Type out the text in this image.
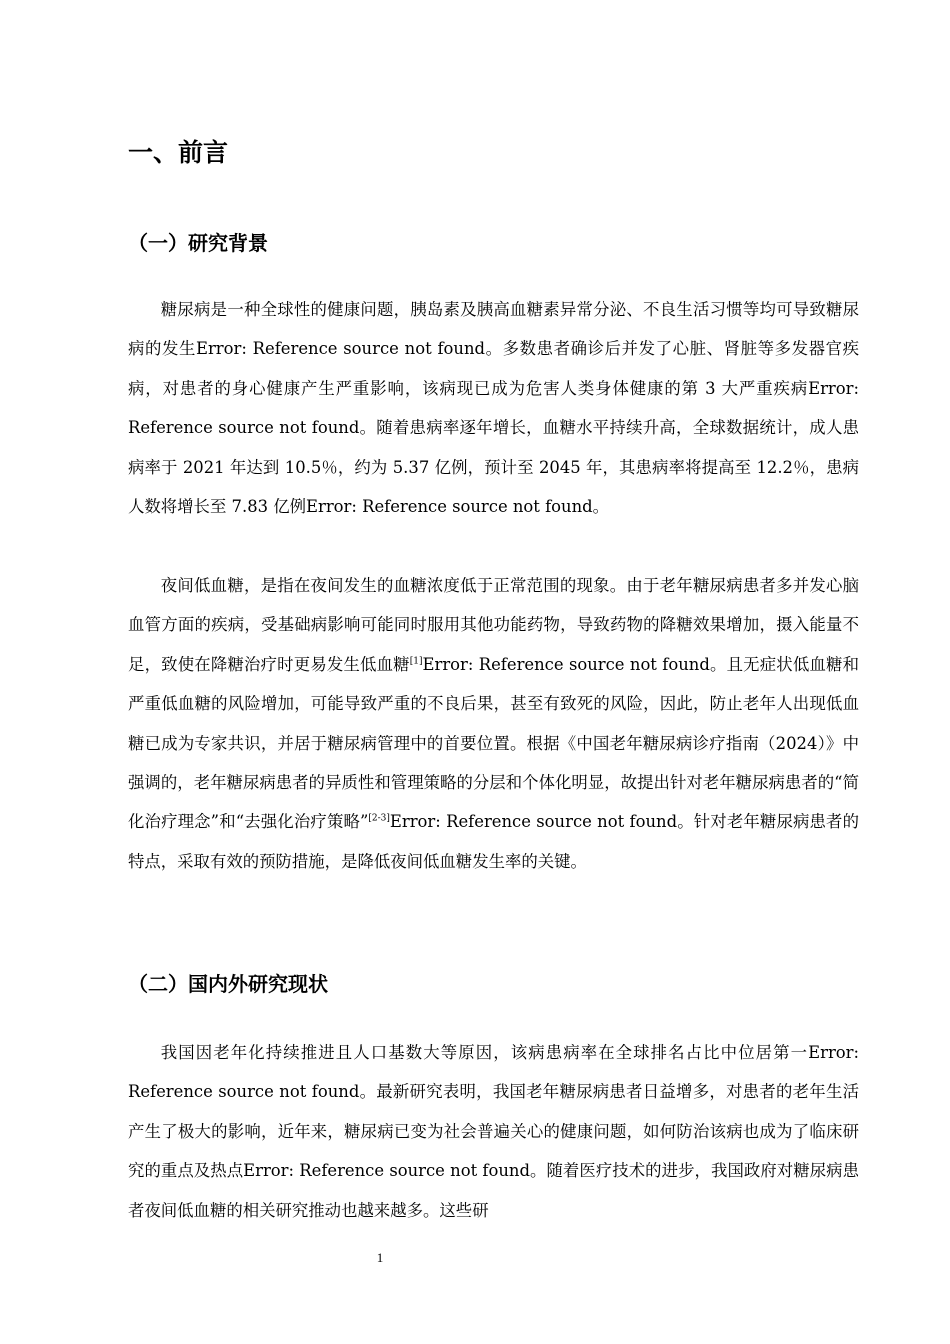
一、前言
（一）研究背景

糖尿病是一种全球性的健康问题，胰岛素及胰高血糖素异常分泌、不良生活习惯等均可导致糖尿病的发生Error: Reference source not found。多数患者确诊后并发了心脏、肾脏等多发器官疾病，对患者的身心健康产生严重影响，该病现已成为危害人类身体健康的第 3 大严重疾病Error: Reference source not found。随着患病率逐年增长，血糖水平持续升高，全球数据统计，成人患病率于 2021 年达到 10.5％，约为 5.37 亿例，预计至 2045 年，其患病率将提高至 12.2％，患病人数将增长至 7.83 亿例Error: Reference source not found。

夜间低血糖，是指在夜间发生的血糖浓度低于正常范围的现象。由于老年糖尿病患者多并发心脑血管方面的疾病，受基础病影响可能同时服用其他功能药物，导致药物的降糖效果增加，摄入能量不足，致使在降糖治疗时更易发生低血糖[1]Error: Reference source not found。且无症状低血糖和严重低血糖的风险增加，可能导致严重的不良后果，甚至有致死的风险，因此，防止老年人出现低血糖已成为专家共识，并居于糖尿病管理中的首要位置。根据《中国老年糖尿病诊疗指南（2024）》中强调的，老年糖尿病患者的异质性和管理策略的分层和个体化明显，故提出针对老年糖尿病患者的“简化治疗理念”和“去强化治疗策略”[2-3]Error: Reference source not found。针对老年糖尿病患者的特点，采取有效的预防措施，是降低夜间低血糖发生率的关键。

（二）国内外研究现状

我国因老年化持续推进且人口基数大等原因，该病患病率在全球排名占比中位居第一Error: Reference source not found。最新研究表明，我国老年糖尿病患者日益增多，对患者的老年生活产生了极大的影响，近年来，糖尿病已变为社会普遍关心的健康问题，如何防治该病也成为了临床研究的重点及热点Error: Reference source not found。随着医疗技术的进步，我国政府对糖尿病患者夜间低血糖的相关研究推动也越来越多。这些研

1
